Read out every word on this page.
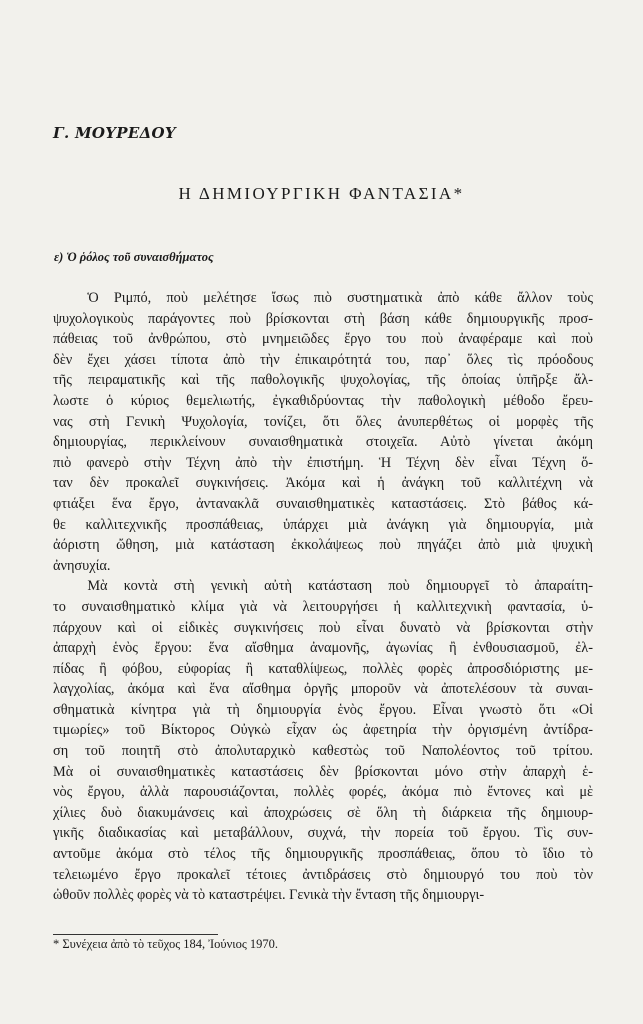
Γ. ΜΟΥΡΕΔΟΥ
Η ΔΗΜΙΟΥΡΓΙΚΗ ΦΑΝΤΑΣΙΑ*
ε) Ὁ ῥόλος τοῦ συναισθήματος

Ὁ Ριμπό, ποὺ μελέτησε ἴσως πιὸ συστηματικὰ ἀπὸ κάθε ἄλλον τοὺς
ψυχολογικοὺς παράγοντες ποὺ βρίσκονται στὴ βάση κάθε δημιουργικῆς προσ-
πάθειας τοῦ ἀνθρώπου, στὸ μνημειῶδες ἔργο του ποὺ ἀναφέραμε καὶ ποὺ
δὲν ἔχει χάσει τίποτα ἀπὸ τὴν ἐπικαιρότητά του, παρ᾽ ὅλες τὶς πρόοδους
τῆς πειραματικῆς καὶ τῆς παθολογικῆς ψυχολογίας, τῆς ὁποίας ὑπῆρξε ἄλ-
λωστε ὁ κύριος θεμελιωτής, ἐγκαθιδρύοντας τὴν παθολογικὴ μέθοδο ἔρευ-
νας στὴ Γενικὴ Ψυχολογία, τονίζει, ὅτι ὅλες ἀνυπερθέτως οἱ μορφὲς τῆς
δημιουργίας, περικλείνουν συναισθηματικὰ στοιχεῖα. Αὐτὸ γίνεται ἀκόμη
πιὸ φανερὸ στὴν Τέχνη ἀπὸ τὴν ἐπιστήμη. Ἡ Τέχνη δὲν εἶναι Τέχνη ὅ-
ταν δὲν προκαλεῖ συγκινήσεις. Ἀκόμα καὶ ἡ ἀνάγκη τοῦ καλλιτέχνη νὰ
φτιάξει ἕνα ἔργο, ἀντανακλᾶ συναισθηματικὲς καταστάσεις. Στὸ βάθος κά-
θε καλλιτεχνικῆς προσπάθειας, ὑπάρχει μιὰ ἀνάγκη γιὰ δημιουργία, μιὰ
ἀόριστη ὤθηση, μιὰ κατάσταση ἐκκολάψεως ποὺ πηγάζει ἀπὸ μιὰ ψυχικὴ
ἀνησυχία.

Μὰ κοντὰ στὴ γενικὴ αὐτὴ κατάσταση ποὺ δημιουργεῖ τὸ ἀπαραίτη-
το συναισθηματικὸ κλίμα γιὰ νὰ λειτουργήσει ἡ καλλιτεχνικὴ φαντασία, ὑ-
πάρχουν καὶ οἱ εἰδικὲς συγκινήσεις ποὺ εἶναι δυνατὸ νὰ βρίσκονται στὴν
ἀπαρχὴ ἑνὸς ἔργου: ἕνα αἴσθημα ἀναμονῆς, ἀγωνίας ἢ ἐνθουσιασμοῦ, ἐλ-
πίδας ἢ φόβου, εὐφορίας ἢ καταθλίψεως, πολλὲς φορὲς ἀπροσδιόριστης με-
λαγχολίας, ἀκόμα καὶ ἕνα αἴσθημα ὀργῆς μποροῦν νὰ ἀποτελέσουν τὰ συναι-
σθηματικὰ κίνητρα γιὰ τὴ δημιουργία ἑνὸς ἔργου. Εἶναι γνωστὸ ὅτι «Οἱ
τιμωρίες» τοῦ Βίκτορος Οὐγκὼ εἶχαν ὡς ἀφετηρία τὴν ὀργισμένη ἀντίδρα-
ση τοῦ ποιητῆ στὸ ἀπολυταρχικὸ καθεστὼς τοῦ Ναπολέοντος τοῦ τρίτου.
Μὰ οἱ συναισθηματικὲς καταστάσεις δὲν βρίσκονται μόνο στὴν ἀπαρχὴ ἑ-
νὸς ἔργου, ἀλλὰ παρουσιάζονται, πολλὲς φορές, ἀκόμα πιὸ ἔντονες καὶ μὲ
χίλιες δυὸ διακυμάνσεις καὶ ἀποχρώσεις σὲ ὅλη τὴ διάρκεια τῆς δημιουρ-
γικῆς διαδικασίας καὶ μεταβάλλουν, συχνά, τὴν πορεία τοῦ ἔργου. Τὶς συν-
αντοῦμε ἀκόμα στὸ τέλος τῆς δημιουργικῆς προσπάθειας, ὅπου τὸ ἴδιο τὸ
τελειωμένο ἔργο προκαλεῖ τέτοιες ἀντιδράσεις στὸ δημιουργό του ποὺ τὸν
ὠθοῦν πολλὲς φορὲς νὰ τὸ καταστρέψει. Γενικὰ τὴν ἔνταση τῆς δημιουργι-

* Συνέχεια ἀπὸ τὸ τεῦχος 184, Ἰούνιος 1970.
